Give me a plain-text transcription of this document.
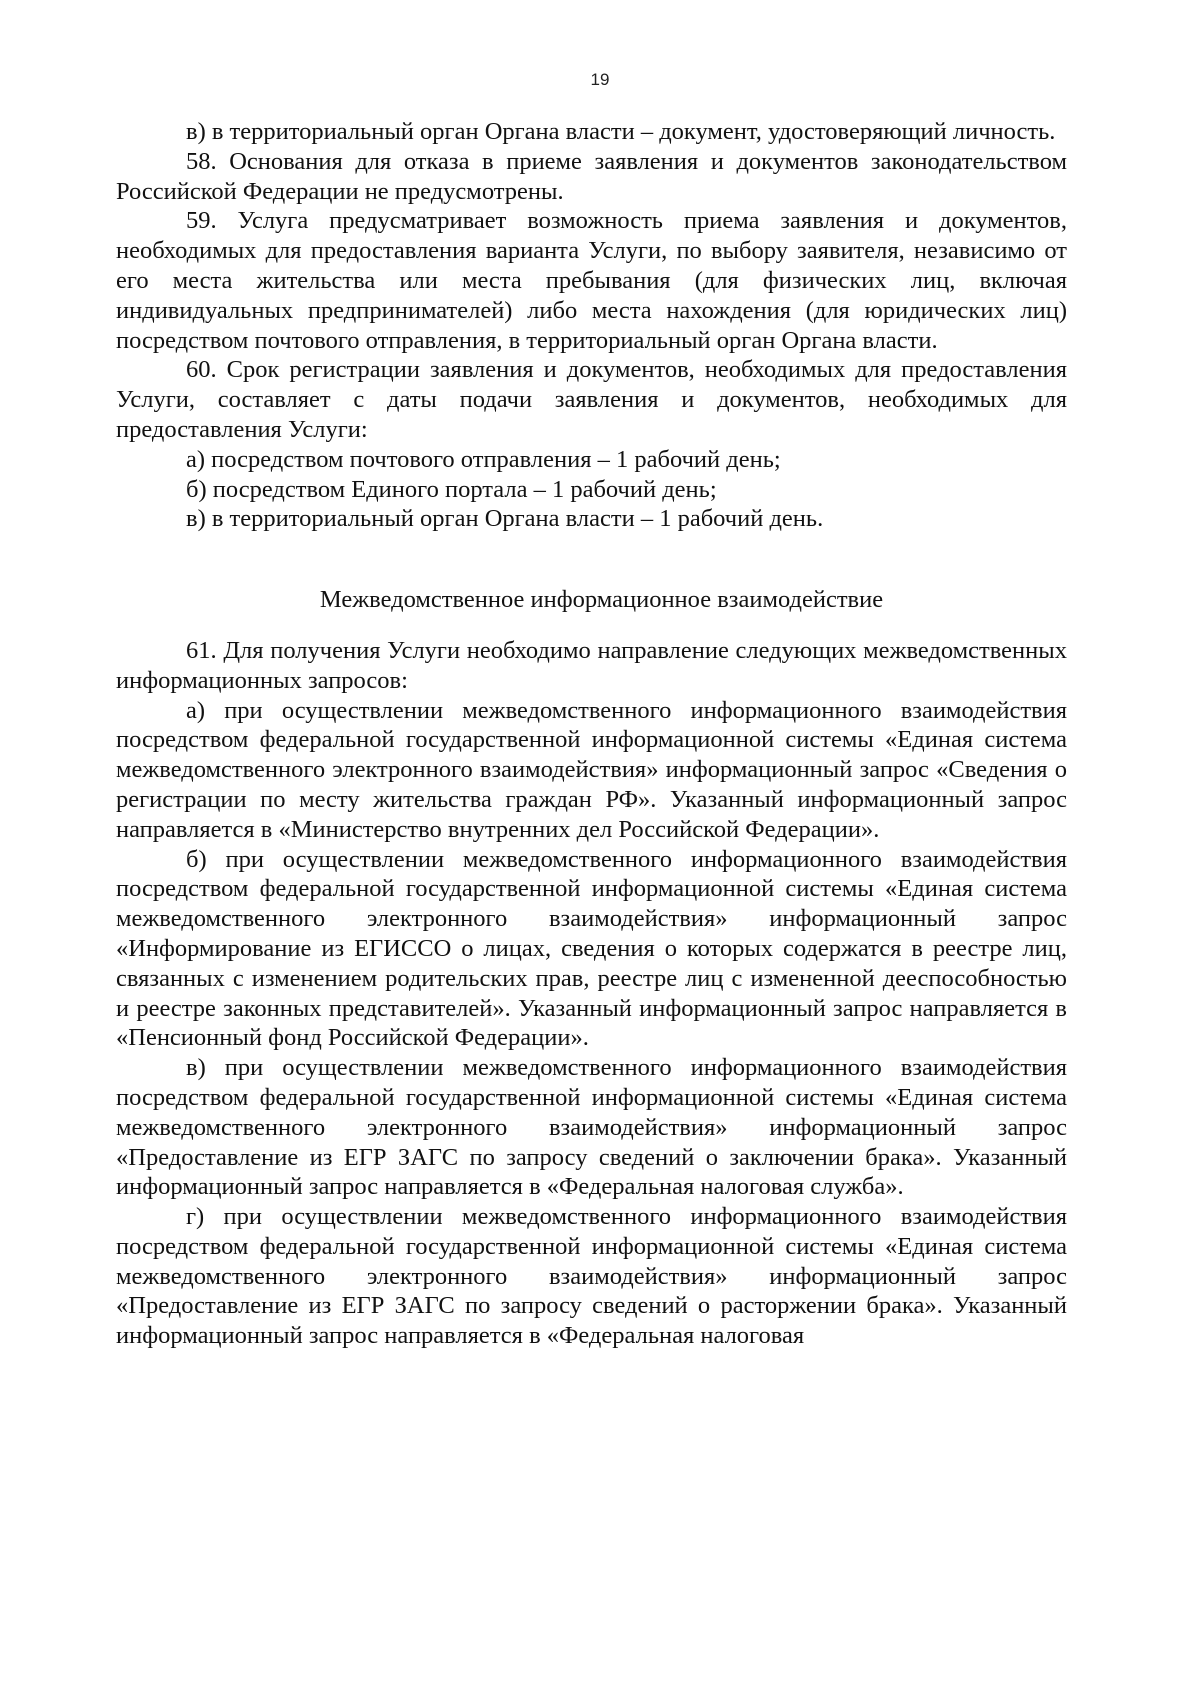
19

в) в территориальный орган Органа власти – документ, удостоверяющий личность.

58. Основания для отказа в приеме заявления и документов законодательством Российской Федерации не предусмотрены.

59. Услуга предусматривает возможность приема заявления и документов, необходимых для предоставления варианта Услуги, по выбору заявителя, независимо от его места жительства или места пребывания (для физических лиц, включая индивидуальных предпринимателей) либо места нахождения (для юридических лиц) посредством почтового отправления, в территориальный орган Органа власти.

60. Срок регистрации заявления и документов, необходимых для предоставления Услуги, составляет с даты подачи заявления и документов, необходимых для предоставления Услуги:

а) посредством почтового отправления – 1 рабочий день;

б) посредством Единого портала – 1 рабочий день;

в) в территориальный орган Органа власти – 1 рабочий день.

Межведомственное информационное взаимодействие

61. Для получения Услуги необходимо направление следующих межведомственных информационных запросов:

а) при осуществлении межведомственного информационного взаимодействия посредством федеральной государственной информационной системы «Единая система межведомственного электронного взаимодействия» информационный запрос «Сведения о регистрации по месту жительства граждан РФ». Указанный информационный запрос направляется в «Министерство внутренних дел Российской Федерации».

б) при осуществлении межведомственного информационного взаимодействия посредством федеральной государственной информационной системы «Единая система межведомственного электронного взаимодействия» информационный запрос «Информирование из ЕГИССО о лицах, сведения о которых содержатся в реестре лиц, связанных с изменением родительских прав, реестре лиц с измененной дееспособностью и реестре законных представителей». Указанный информационный запрос направляется в «Пенсионный фонд Российской Федерации».

в) при осуществлении межведомственного информационного взаимодействия посредством федеральной государственной информационной системы «Единая система межведомственного электронного взаимодействия» информационный запрос «Предоставление из ЕГР ЗАГС по запросу сведений о заключении брака». Указанный информационный запрос направляется в «Федеральная налоговая служба».

г) при осуществлении межведомственного информационного взаимодействия посредством федеральной государственной информационной системы «Единая система межведомственного электронного взаимодействия» информационный запрос «Предоставление из ЕГР ЗАГС по запросу сведений о расторжении брака». Указанный информационный запрос направляется в «Федеральная налоговая
